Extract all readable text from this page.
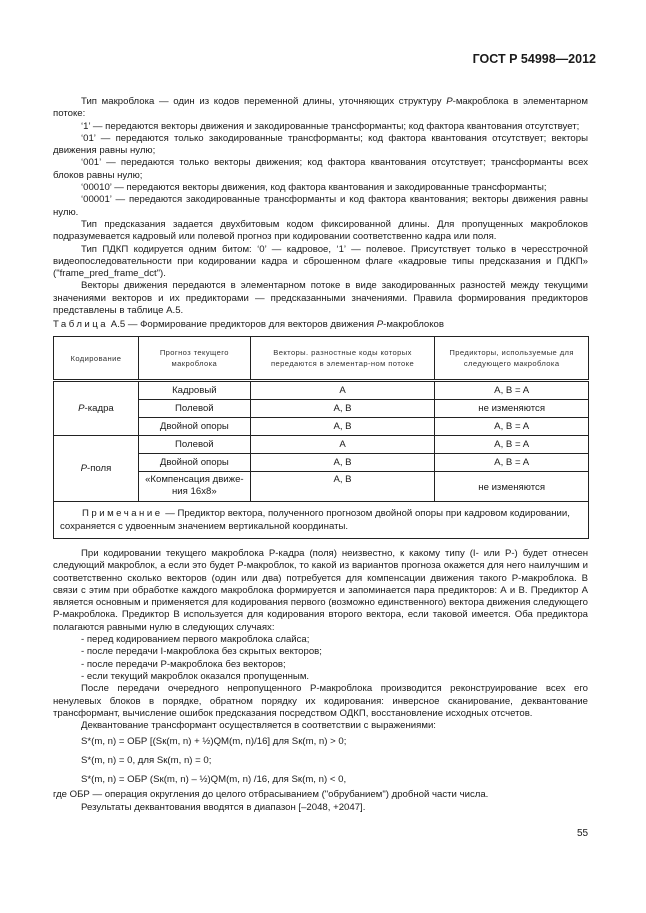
ГОСТ Р 54998—2012

Тип макроблока — один из кодов переменной длины, уточняющих структуру P-макроблока в элементарном потоке:

‘1’ — передаются векторы движения и закодированные трансформанты; код фактора квантования отсутствует;

‘01’ — передаются только закодированные трансформанты; код фактора квантования отсутствует; векторы движения равны нулю;

‘001’ — передаются только векторы движения; код фактора квантования отсутствует; трансформанты всех блоков равны нулю;

‘00010’ — передаются векторы движения, код фактора квантования и закодированные трансформанты;

‘00001’ — передаются закодированные трансформанты и код фактора квантования; векторы движения равны нулю.

Тип предсказания задается двухбитовым кодом фиксированной длины. Для пропущенных макроблоков подразумевается кадровый или полевой прогноз при кодировании соответственно кадра или поля.

Тип ПДКП кодируется одним битом: ‘0’ — кадровое, ‘1’ — полевое. Присутствует только в чересстрочной видеопоследовательности при кодировании кадра и сброшенном флаге «кадровые типы предсказания и ПДКП» ("frame_pred_frame_dct").

Векторы движения передаются в элементарном потоке в виде закодированных разностей между текущими значениями векторов и их предикторами — предсказанными значениями. Правила формирования предикторов представлены в таблице А.5.

Таблица А.5 — Формирование предикторов для векторов движения P-макроблоков
Кодирование	Прогноз текущего макроблока	Векторы. разностные коды которых передаются в элементар-ном потоке	Предикторы, используемые для следующего макроблока
P-кадра	Кадровый	A	A, B = A
	Полевой	A, B	не изменяются
	Двойной опоры	A, B	A, B = A
P-поля	Полевой	A	A, B = A
	Двойной опоры	A, B	A, B = A
	«Компенсация движе-ния 16x8»	A, B	не изменяются
Примечание — Предиктор вектора, полученного прогнозом двойной опоры при кадровом кодировании, сохраняется с удвоенным значением вертикальной координаты.			

При кодировании текущего макроблока P-кадра (поля) неизвестно, к какому типу (I- или P-) будет отнесен следующий макроблок, а если это будет P-макроблок, то какой из вариантов прогноза окажется для него наилучшим и соответственно сколько векторов (один или два) потребуется для компенсации движения такого P-макроблока. В связи с этим при обработке каждого макроблока формируется и запоминается пара предикторов: А и В. Предиктор А является основным и применяется для кодирования первого (возможно единственного) вектора движения следующего P-макроблока. Предиктор В используется для кодирования второго вектора, если таковой имеется. Оба предиктора полагаются равными нулю в следующих случаях:

- перед кодированием первого макроблока слайса;

- после передачи I-макроблока без скрытых векторов;

- после передачи P-макроблока без векторов;

- если текущий макроблок оказался пропущенным.

После передачи очередного непропущенного P-макроблока производится реконструирование всех его ненулевых блоков в порядке, обратном порядку их кодирования: инверсное сканирование, деквантование трансформант, вычисление ошибок предсказания посредством ОДКП, восстановление исходных отсчетов.

Деквантование трансформант осуществляется в соответствии с выражениями:

S*(m, n) = ОБР [(Sк(m, n) + ½)QM(m, n)/16] для Sк(m, n) > 0;

S*(m, n) = 0, для Sк(m, n) = 0;

S*(m, n) = ОБР (Sк(m, n) – ½)QM(m, n) /16, для Sк(m, n) < 0,

где ОБР — операция округления до целого отбрасыванием ("обрубанием") дробной части числа.

Результаты деквантования вводятся в диапазон [–2048, +2047].

55
